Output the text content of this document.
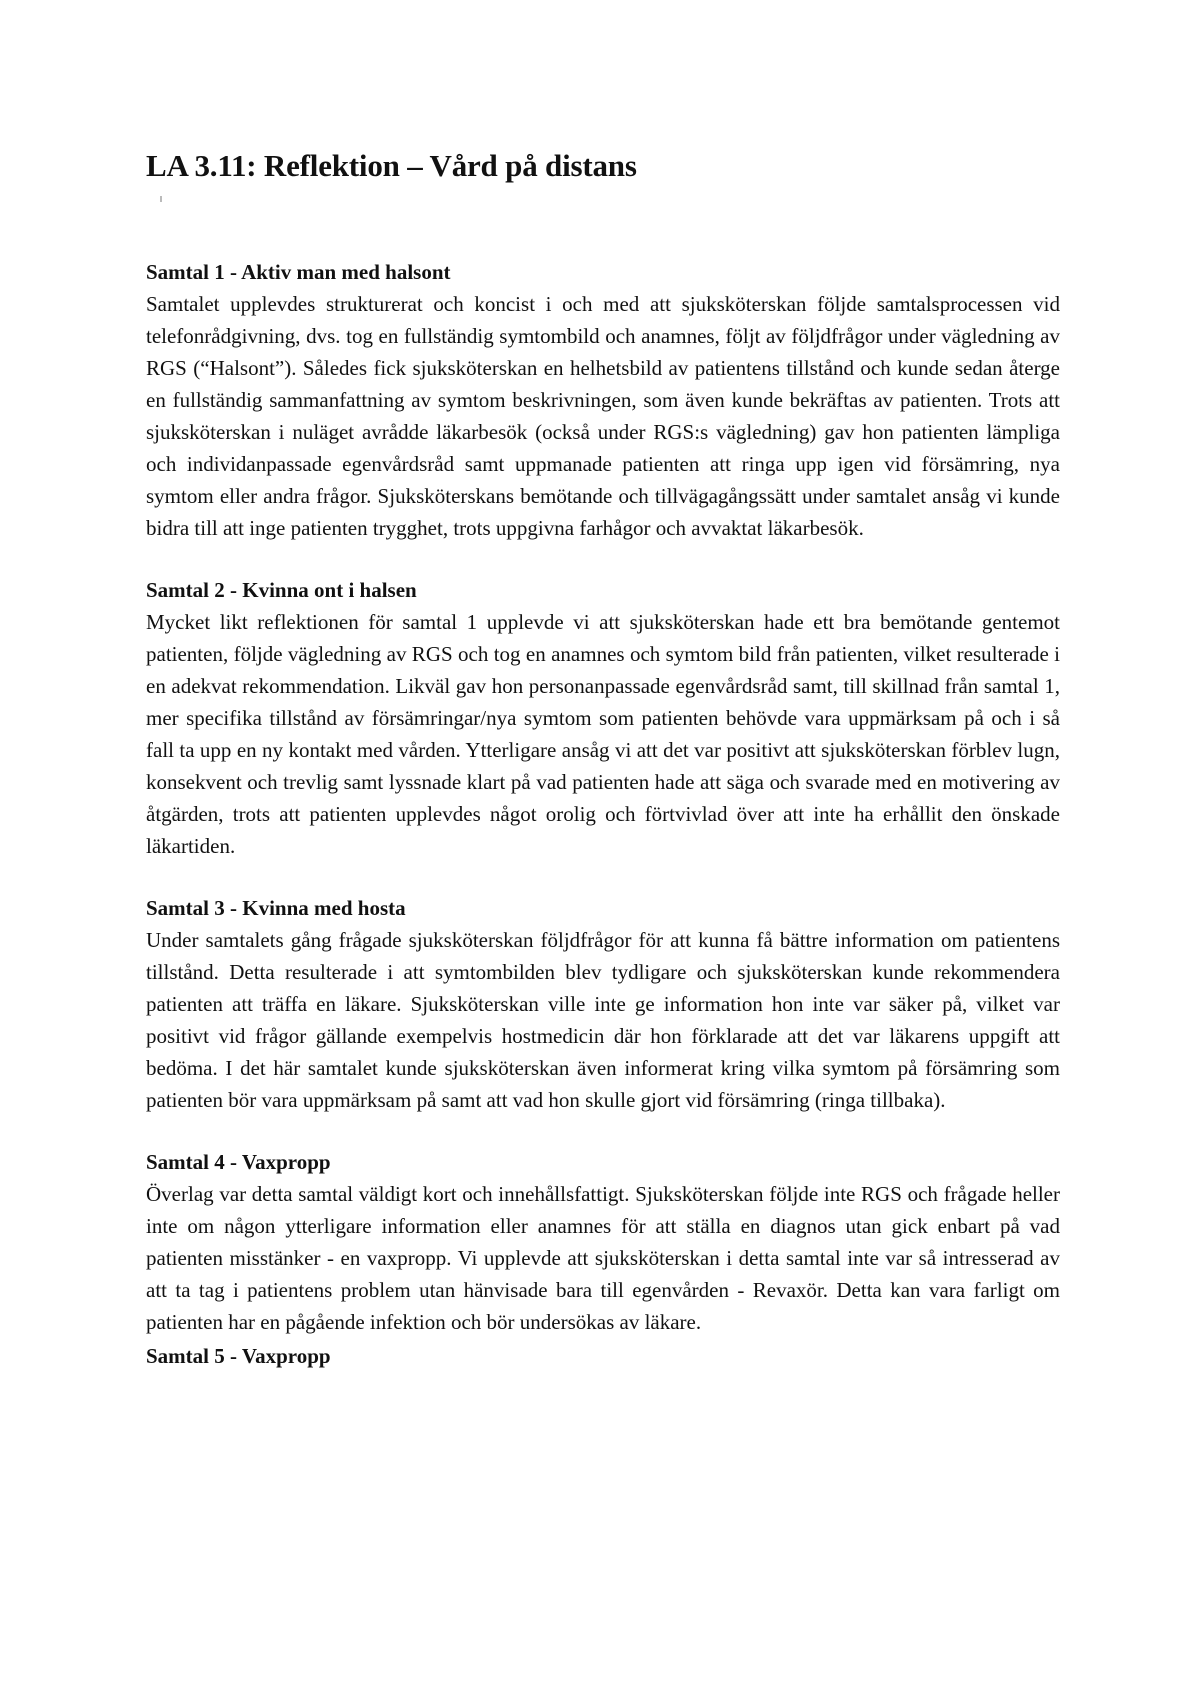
LA 3.11: Reflektion – Vård på distans
Samtal 1 - Aktiv man med halsont

Samtalet upplevdes strukturerat och koncist i och med att sjuksköterskan följde samtalsprocessen vid telefonrådgivning, dvs. tog en fullständig symtombild och anamnes, följt av följdfrågor under vägledning av RGS (“Halsont”). Således fick sjuksköterskan en helhetsbild av patientens tillstånd och kunde sedan återge en fullständig sammanfattning av symtom beskrivningen, som även kunde bekräftas av patienten. Trots att sjuksköterskan i nuläget avrådde läkarbesök (också under RGS:s vägledning) gav hon patienten lämpliga och individanpassade egenvårdsråd samt uppmanade patienten att ringa upp igen vid försämring, nya symtom eller andra frågor. Sjuksköterskans bemötande och tillvägagångssätt under samtalet ansåg vi kunde bidra till att inge patienten trygghet, trots uppgivna farhågor och avvaktat läkarbesök.

Samtal 2 - Kvinna ont i halsen

Mycket likt reflektionen för samtal 1 upplevde vi att sjuksköterskan hade ett bra bemötande gentemot patienten, följde vägledning av RGS och tog en anamnes och symtom bild från patienten, vilket resulterade i en adekvat rekommendation. Likväl gav hon personanpassade egenvårdsråd samt, till skillnad från samtal 1, mer specifika tillstånd av försämringar/nya symtom som patienten behövde vara uppmärksam på och i så fall ta upp en ny kontakt med vården. Ytterligare ansåg vi att det var positivt att sjuksköterskan förblev lugn, konsekvent och trevlig samt lyssnade klart på vad patienten hade att säga och svarade med en motivering av åtgärden, trots att patienten upplevdes något orolig och förtvivlad över att inte ha erhållit den önskade läkartiden.

Samtal 3 - Kvinna med hosta

Under samtalets gång frågade sjuksköterskan följdfrågor för att kunna få bättre information om patientens tillstånd. Detta resulterade i att symtombilden blev tydligare och sjuksköterskan kunde rekommendera patienten att träffa en läkare. Sjuksköterskan ville inte ge information hon inte var säker på, vilket var positivt vid frågor gällande exempelvis hostmedicin där hon förklarade att det var läkarens uppgift att bedöma. I det här samtalet kunde sjuksköterskan även informerat kring vilka symtom på försämring som patienten bör vara uppmärksam på samt att vad hon skulle gjort vid försämring (ringa tillbaka).

Samtal 4 - Vaxpropp

Överlag var detta samtal väldigt kort och innehållsfattigt. Sjuksköterskan följde inte RGS och frågade heller inte om någon ytterligare information eller anamnes för att ställa en diagnos utan gick enbart på vad patienten misstänker - en vaxpropp. Vi upplevde att sjuksköterskan i detta samtal inte var så intresserad av att ta tag i patientens problem utan hänvisade bara till egenvården - Revaxör. Detta kan vara farligt om patienten har en pågående infektion och bör undersökas av läkare.

Samtal 5 - Vaxpropp
